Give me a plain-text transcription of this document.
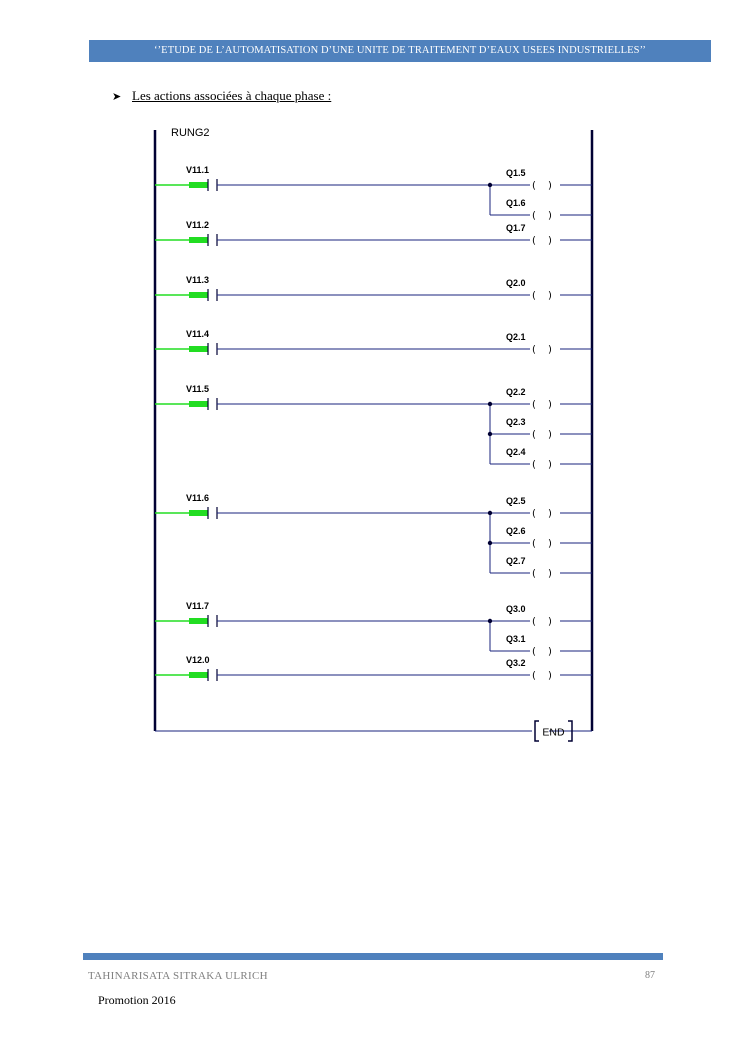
‘’ETUDE DE L’AUTOMATISATION D’UNE UNITE DE TRAITEMENT D’EAUX USEES INDUSTRIELLES’’
➤ Les actions associées à chaque phase :
RUNG2
END
V11.1	Q1.5
( )
Q1.6
( )
V11.2	Q1.7
( )
V11.3	Q2.0
( )
V11.4	Q2.1
( )
V11.5	Q2.2
( )
Q2.3
( )
Q2.4
( )
V11.6	Q2.5
( )
Q2.6
( )
Q2.7
( )
V11.7	Q3.0
( )
Q3.1
( )
V12.0	Q3.2
( )
TAHINARISATA SITRAKA ULRICH	87
Promotion 2016
